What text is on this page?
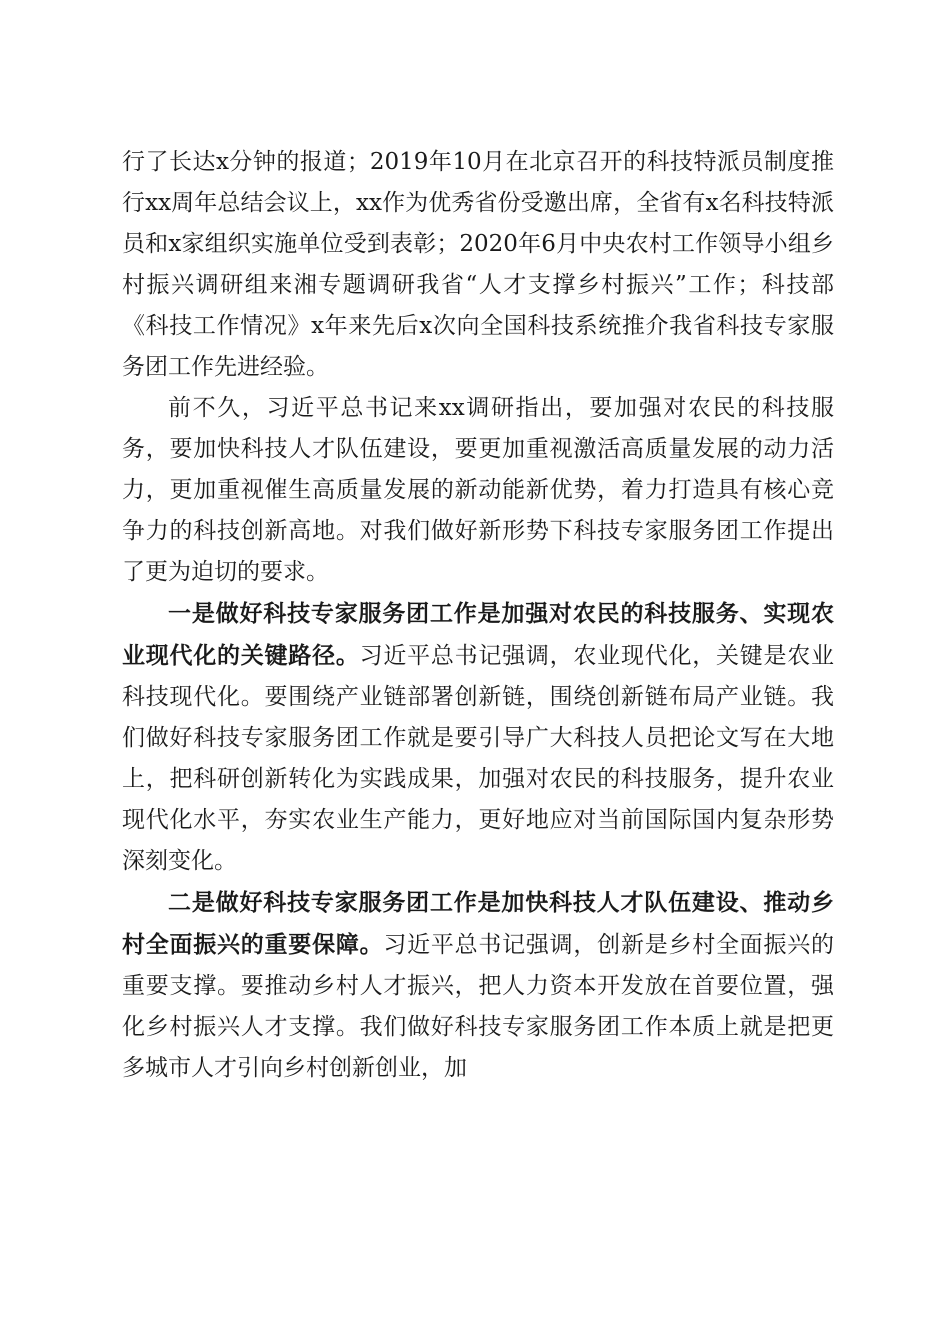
行了长达x分钟的报道；2019年10月在北京召开的科技特派员制度推行xx周年总结会议上，xx作为优秀省份受邀出席，全省有x名科技特派员和x家组织实施单位受到表彰；2020年6月中央农村工作领导小组乡村振兴调研组来湘专题调研我省“人才支撑乡村振兴”工作；科技部《科技工作情况》x年来先后x次向全国科技系统推介我省科技专家服务团工作先进经验。

前不久，习近平总书记来xx调研指出，要加强对农民的科技服务，要加快科技人才队伍建设，要更加重视激活高质量发展的动力活力，更加重视催生高质量发展的新动能新优势，着力打造具有核心竞争力的科技创新高地。对我们做好新形势下科技专家服务团工作提出了更为迫切的要求。

一是做好科技专家服务团工作是加强对农民的科技服务、实现农业现代化的关键路径。习近平总书记强调，农业现代化，关键是农业科技现代化。要围绕产业链部署创新链，围绕创新链布局产业链。我们做好科技专家服务团工作就是要引导广大科技人员把论文写在大地上，把科研创新转化为实践成果，加强对农民的科技服务，提升农业现代化水平，夯实农业生产能力，更好地应对当前国际国内复杂形势深刻变化。

二是做好科技专家服务团工作是加快科技人才队伍建设、推动乡村全面振兴的重要保障。习近平总书记强调，创新是乡村全面振兴的重要支撑。要推动乡村人才振兴，把人力资本开发放在首要位置，强化乡村振兴人才支撑。我们做好科技专家服务团工作本质上就是把更多城市人才引向乡村创新创业，加
